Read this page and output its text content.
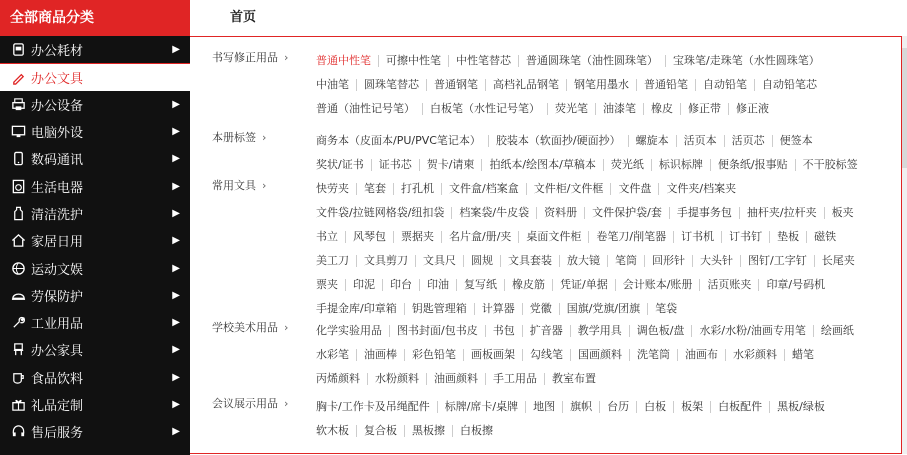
全部商品分类
办公耗材	▶
办公文具
办公设备	▶
电脑外设	▶
数码通讯	▶
生活电器	▶
清洁洗护	▶
家居日用	▶
运动文娱	▶
劳保防护	▶
工业用品	▶
办公家具	▶
食品饮料	▶
礼品定制	▶
售后服务	▶
首页
书写修正用品 ›	普通中性笔	可擦中性笔	中性笔替芯	普通圆珠笔（油性圆珠笔）	宝珠笔/走珠笔（水性圆珠笔）
中油笔	圆珠笔替芯	普通钢笔	高档礼品钢笔	钢笔用墨水	普通铅笔	自动铅笔	自动铅笔芯
普通（油性记号笔）	白板笔（水性记号笔）	荧光笔	油漆笔	橡皮	修正带	修正液
本册标签 ›	商务本（皮面本/PU/PVC笔记本）	胶装本（软面抄/硬面抄）	螺旋本	活页本	活页芯	便签本
奖状/证书	证书芯	贺卡/请柬	拍纸本/绘图本/草稿本	荧光纸	标识标牌	便条纸/报事贴	不干胶标签
常用文具 ›	快劳夹	笔套	打孔机	文件盒/档案盒	文件柜/文件框	文件盘	文件夹/档案夹
文件袋/拉链网格袋/纽扣袋	档案袋/牛皮袋	资料册	文件保护袋/套	手提事务包	抽杆夹/拉杆夹	板夹
书立	风琴包	票据夹	名片盒/册/夹	桌面文件柜	卷笔刀/削笔器	订书机	订书钉	垫板	磁铁
美工刀	文具剪刀	文具尺	圆规	文具套装	放大镜	笔筒	回形针	大头针	图钉/工字钉	长尾夹
票夹	印泥	印台	印油	复写纸	橡皮筋	凭证/单据	会计账本/账册	活页账夹	印章/号码机
手提金库/印章箱	钥匙管理箱	计算器	党徽	国旗/党旗/团旗	笔袋
学校美术用品 ›	化学实验用品	图书封面/包书皮	书包	扩音器	教学用具	调色板/盘	水彩/水粉/油画专用笔	绘画纸
水彩笔	油画棒	彩色铅笔	画板画架	勾线笔	国画颜料	洗笔筒	油画布	水彩颜料	蜡笔
丙烯颜料	水粉颜料	油画颜料	手工用品	教室布置
会议展示用品 ›	胸卡/工作卡及吊绳配件	标牌/席卡/桌牌	地图	旗帜	台历	白板	板架	白板配件	黑板/绿板
软木板	复合板	黑板擦	白板擦
